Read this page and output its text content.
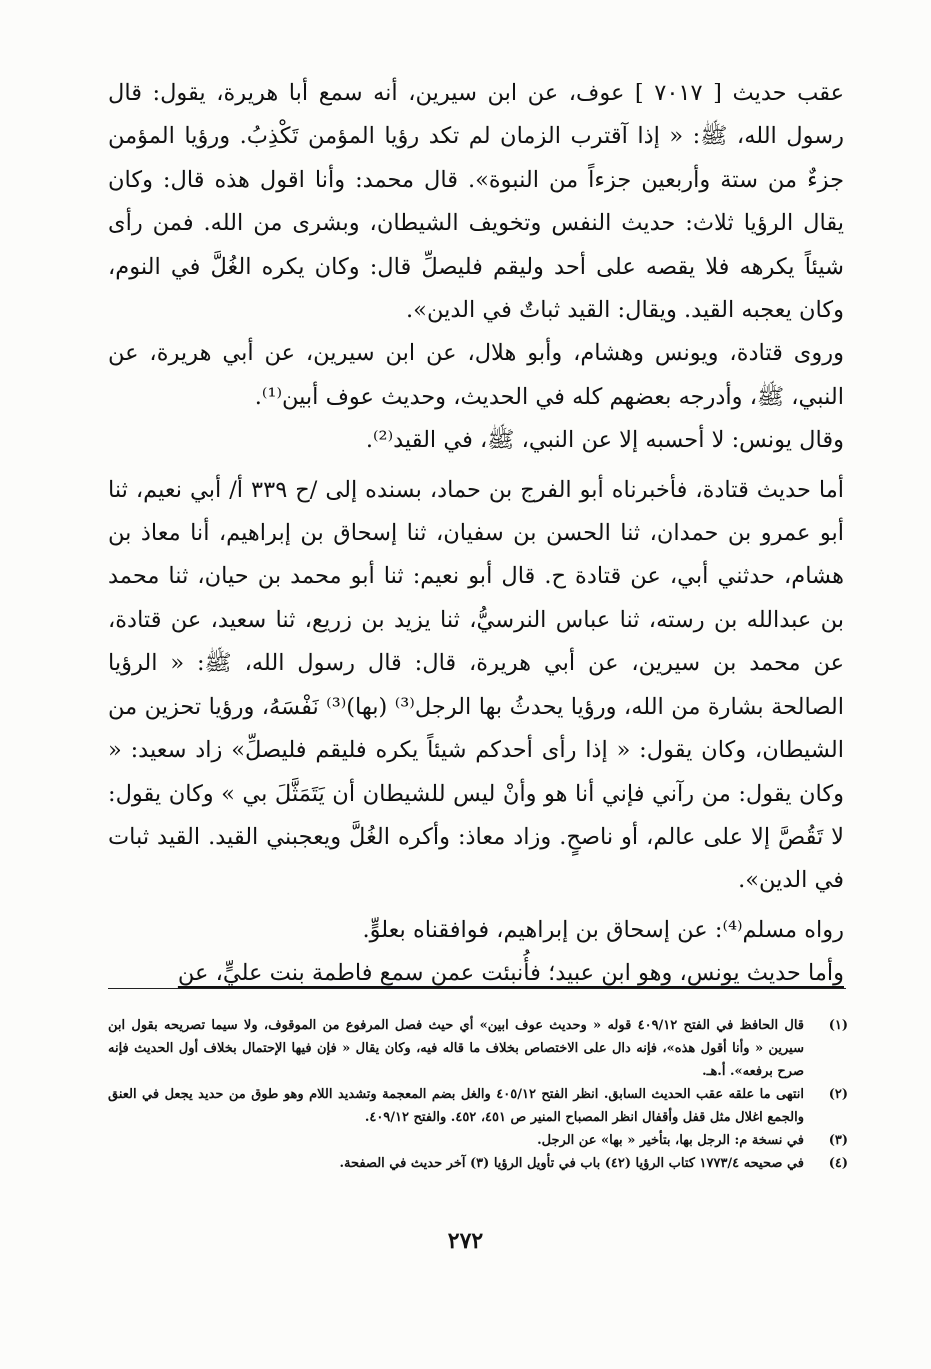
عقب حديث [ ٧٠١٧ ] عوف، عن ابن سيرين، أنه سمع أبا هريرة، يقول: قال رسول الله، ﷺ: « إذا آقترب الزمان لم تكد رؤيا المؤمن تَكْذِبُ. ورؤيا المؤمن جزءٌ من ستة وأربعين جزءاً من النبوة». قال محمد: وأنا اقول هذه قال: وكان يقال الرؤيا ثلاث: حديث النفس وتخويف الشيطان، وبشرى من الله. فمن رأى شيئاً يكرهه فلا يقصه على أحد وليقم فليصلِّ قال: وكان يكره الغُلَّ في النوم، وكان يعجبه القيد. ويقال: القيد ثباتٌ في الدين».

وروى قتادة، ويونس وهشام، وأبو هلال، عن ابن سيرين، عن أبي هريرة، عن النبي، ﷺ، وأدرجه بعضهم كله في الحديث، وحديث عوف أبين⁽¹⁾.

وقال يونس: لا أحسبه إلا عن النبي، ﷺ، في القيد⁽²⁾.

أما حديث قتادة، فأخبرناه أبو الفرج بن حماد، بسنده إلى /ح ٣٣٩ أ/ أبي نعيم، ثنا أبو عمرو بن حمدان، ثنا الحسن بن سفيان، ثنا إسحاق بن إبراهيم، أنا معاذ بن هشام، حدثني أبي، عن قتادة ح. قال أبو نعيم: ثنا أبو محمد بن حيان، ثنا محمد بن عبدالله بن رسته، ثنا عباس النرسيُّ، ثنا يزيد بن زريع، ثنا سعيد، عن قتادة، عن محمد بن سيرين، عن أبي هريرة، قال: قال رسول الله، ﷺ: « الرؤيا الصالحة بشارة من الله، ورؤيا يحدثُ بها الرجل⁽³⁾ (بها)⁽³⁾ نَفْسَهُ، ورؤيا تحزين من الشيطان، وكان يقول: « إذا رأى أحدكم شيئاً يكره فليقم فليصلِّ» زاد سعيد: « وكان يقول: من رآني فإني أنا هو وأنْ ليس للشيطان أن يَتَمَثَّلَ بي » وكان يقول: لا تَقُصَّ إلا على عالم، أو ناصحٍ. وزاد معاذ: وأكره الغُلَّ ويعجبني القيد. القيد ثبات في الدين».

رواه مسلم⁽⁴⁾: عن إسحاق بن إبراهيم، فوافقناه بعلوٍّ.

وأما حديث يونس، وهو ابن عبيد؛ فأُنبئت عمن سمع فاطمة بنت عليٍّ، عن

(١)
قال الحافظ في الفتح ٤٠٩/١٢ قوله « وحديث عوف ابين» أي حيث فصل المرفوع من الموقوف، ولا سيما تصريحه بقول ابن سيرين « وأنا أقول هذه»، فإنه دال على الاختصاص بخلاف ما قاله فيه، وكان يقال « فإن فيها الإحتمال بخلاف أول الحديث فإنه صرح برفعه». أ.هـ.
(٢)
انتهى ما علقه عقب الحديث السابق. انظر الفتح ٤٠٥/١٢ والغل بضم المعجمة وتشديد اللام وهو طوق من حديد يجعل في العنق والجمع اغلال مثل قفل وأقفال انظر المصباح المنير ص ٤٥١، ٤٥٢. والفتح ٤٠٩/١٢.
(٣)
في نسخة م: الرجل بها، بتأخير « بها» عن الرجل.
(٤)
في صحيحه ١٧٧٣/٤ كتاب الرؤيا (٤٢) باب في تأويل الرؤيا (٣) آخر حديث في الصفحة.
٢٧٢
